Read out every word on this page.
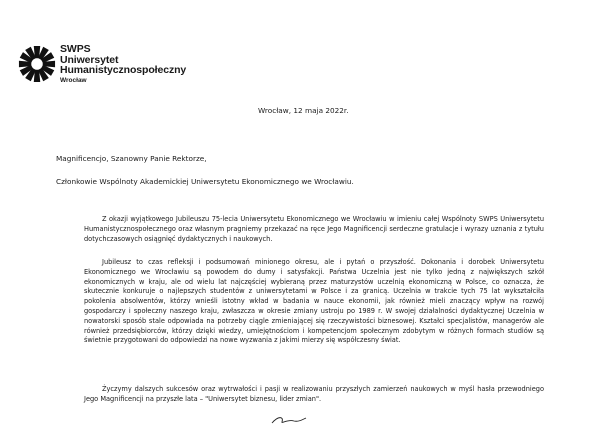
SWPS
Uniwersytet
Humanistycznospołeczny
Wrocław
Wrocław, 12 maja 2022r.
Magnificencjo, Szanowny Panie Rektorze,
Członkowie Wspólnoty Akademickiej Uniwersytetu Ekonomicznego we Wrocławiu.
Z okazji wyjątkowego Jubileuszu 75-lecia Uniwersytetu Ekonomicznego we Wrocławiu w imieniu całej Wspólnoty SWPS Uniwersytetu Humanistycznospołecznego oraz własnym pragniemy przekazać na ręce Jego Magnificencji serdeczne gratulacje i wyrazy uznania z tytułu dotychczasowych osiągnięć dydaktycznych i naukowych.
Jubileusz to czas refleksji i podsumowań minionego okresu, ale i pytań o przyszłość. Dokonania i dorobek Uniwersytetu Ekonomicznego we Wrocławiu są powodem do dumy i satysfakcji. Państwa Uczelnia jest nie tylko jedną z największych szkół ekonomicznych w kraju, ale od wielu lat najczęściej wybieraną przez maturzystów uczelnią ekonomiczną w Polsce, co oznacza, że skutecznie konkuruje o najlepszych studentów z uniwersytetami w Polsce i za granicą. Uczelnia w trakcie tych 75 lat wykształciła pokolenia absolwentów, którzy wnieśli istotny wkład w badania w nauce ekonomii, jak również mieli znaczący wpływ na rozwój gospodarczy i społeczny naszego kraju, zwłaszcza w okresie zmiany ustroju po 1989 r. W swojej działalności dydaktycznej Uczelnia w nowatorski sposób stale odpowiada na potrzeby ciągle zmieniającej się rzeczywistości biznesowej. Kształci specjalistów, managerów ale również przedsiębiorców, którzy dzięki wiedzy, umiejętnościom i kompetencjom społecznym zdobytym w różnych formach studiów są świetnie przygotowani do odpowiedzi na nowe wyzwania z jakimi mierzy się współczesny świat.
Życzymy dalszych sukcesów oraz wytrwałości i pasji w realizowaniu przyszłych zamierzeń naukowych w myśl hasła przewodniego Jego Magnificencji na przyszłe lata – "Uniwersytet biznesu, lider zmian".
